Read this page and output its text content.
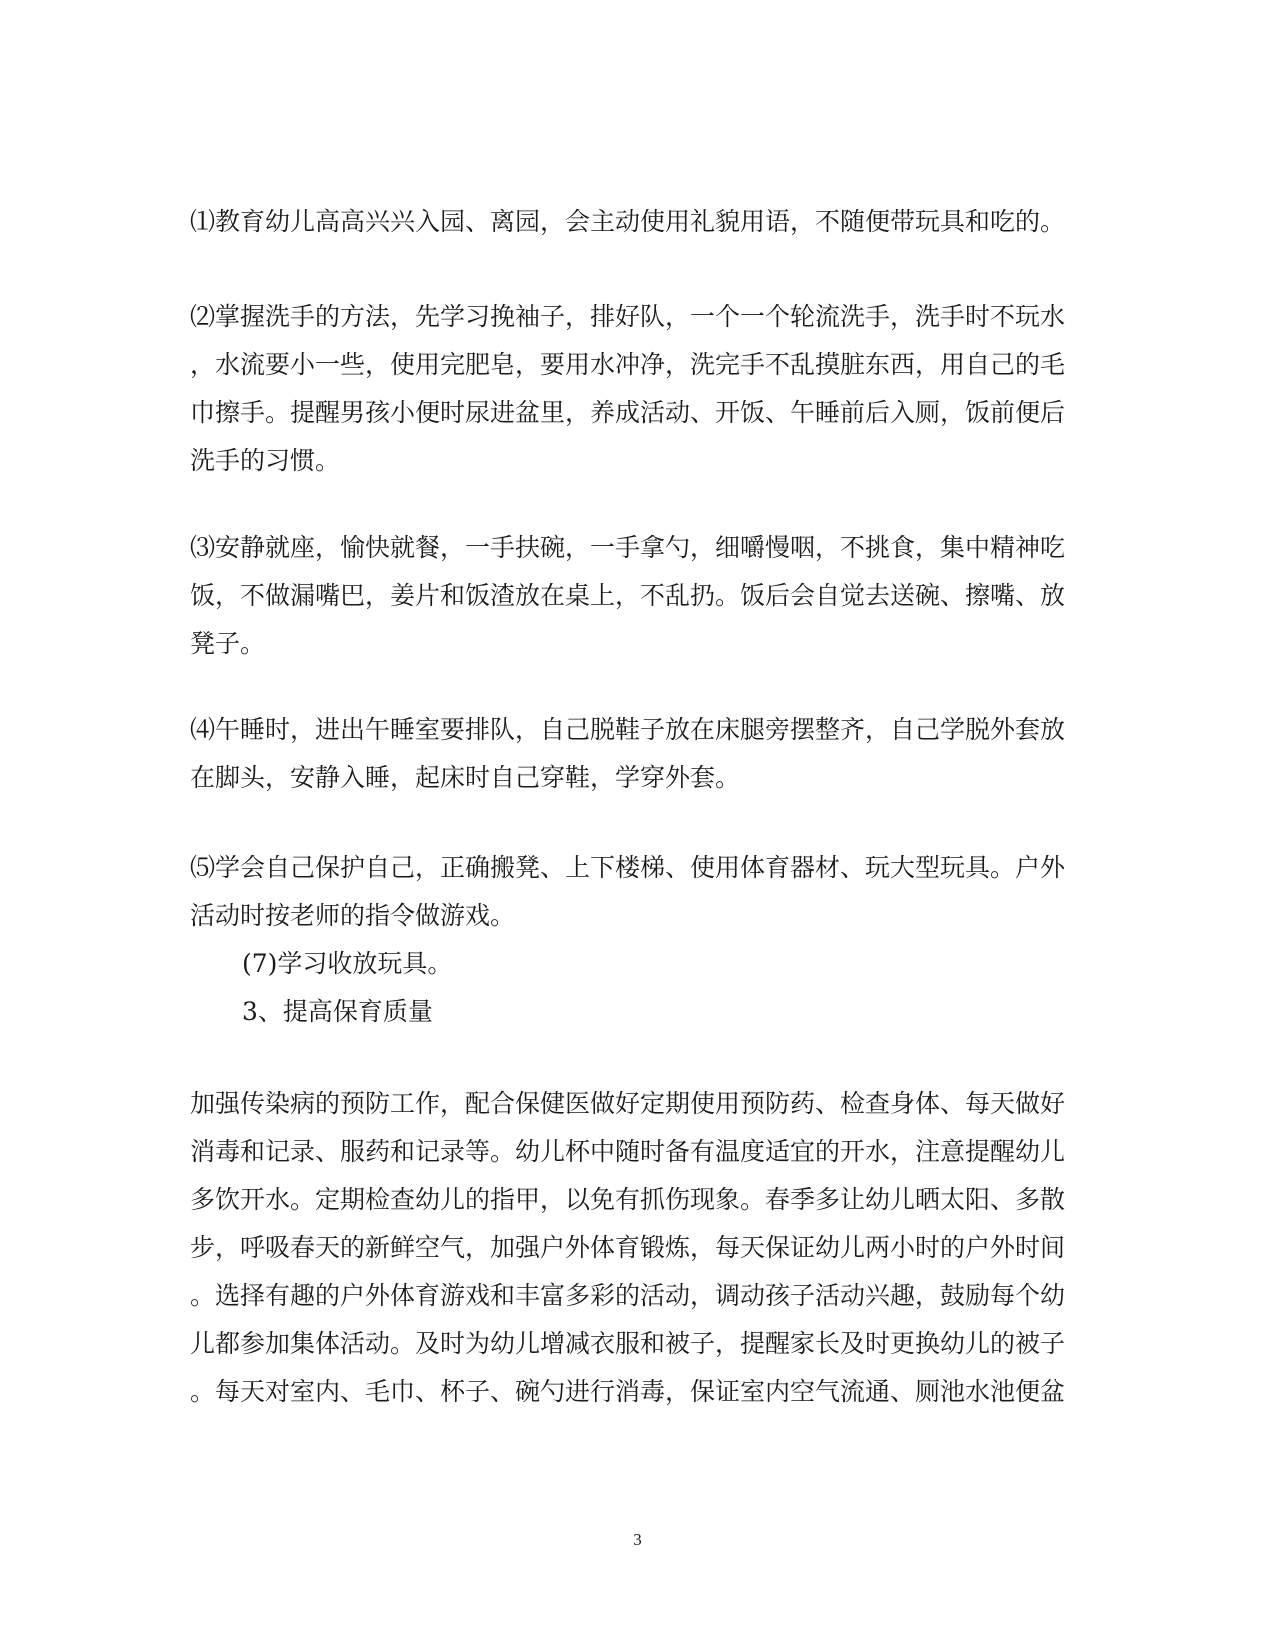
⑴教育幼儿高高兴兴入园、离园，会主动使用礼貌用语，不随便带玩具和吃的。
⑵掌握洗手的方法，先学习挽袖子，排好队，一个一个轮流洗手，洗手时不玩水
，水流要小一些，使用完肥皂，要用水冲净，洗完手不乱摸脏东西，用自己的毛
巾擦手。提醒男孩小便时尿进盆里，养成活动、开饭、午睡前后入厕，饭前便后
洗手的习惯。
⑶安静就座，愉快就餐，一手扶碗，一手拿勺，细嚼慢咽，不挑食，集中精神吃
饭，不做漏嘴巴，姜片和饭渣放在桌上，不乱扔。饭后会自觉去送碗、擦嘴、放
凳子。
⑷午睡时，进出午睡室要排队，自己脱鞋子放在床腿旁摆整齐，自己学脱外套放
在脚头，安静入睡，起床时自己穿鞋，学穿外套。
⑸学会自己保护自己，正确搬凳、上下楼梯、使用体育器材、玩大型玩具。户外
活动时按老师的指令做游戏。
(7)学习收放玩具。
3、提高保育质量
加强传染病的预防工作，配合保健医做好定期使用预防药、检查身体、每天做好
消毒和记录、服药和记录等。幼儿杯中随时备有温度适宜的开水，注意提醒幼儿
多饮开水。定期检查幼儿的指甲，以免有抓伤现象。春季多让幼儿晒太阳、多散
步，呼吸春天的新鲜空气，加强户外体育锻炼，每天保证幼儿两小时的户外时间
。选择有趣的户外体育游戏和丰富多彩的活动，调动孩子活动兴趣，鼓励每个幼
儿都参加集体活动。及时为幼儿增减衣服和被子，提醒家长及时更换幼儿的被子
。每天对室内、毛巾、杯子、碗勺进行消毒，保证室内空气流通、厕池水池便盆
3
